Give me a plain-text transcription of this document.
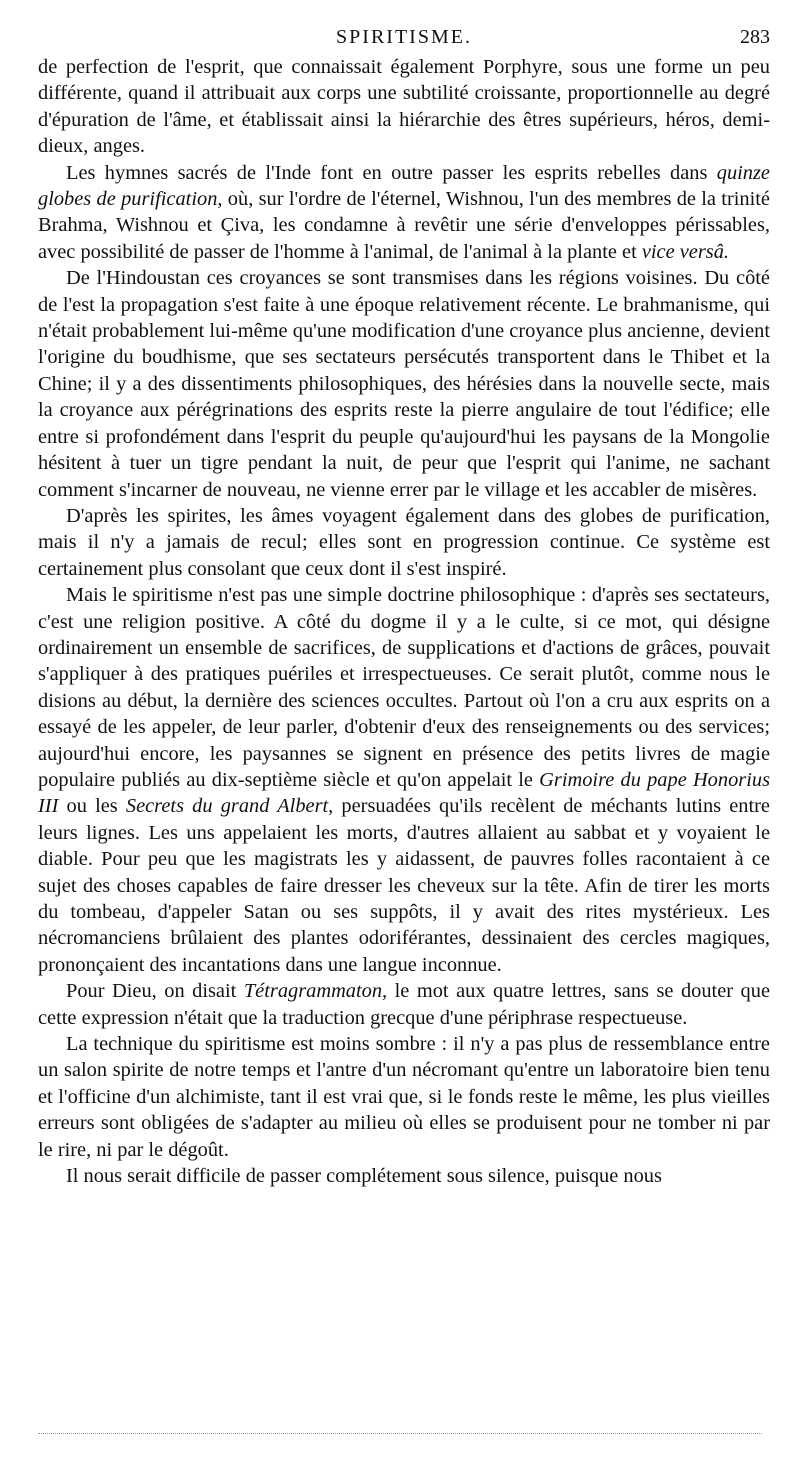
SPIRITISME.	283

de perfection de l'esprit, que connaissait également Porphyre, sous une forme un peu différente, quand il attribuait aux corps une subtilité croissante, proportionnelle au degré d'épuration de l'âme, et établissait ainsi la hiérarchie des êtres supérieurs, héros, demi-dieux, anges.

Les hymnes sacrés de l'Inde font en outre passer les esprits rebelles dans quinze globes de purification, où, sur l'ordre de l'éternel, Wishnou, l'un des membres de la trinité Brahma, Wishnou et Çiva, les condamne à revêtir une série d'enveloppes périssables, avec possibilité de passer de l'homme à l'animal, de l'animal à la plante et vice versâ.

De l'Hindoustan ces croyances se sont transmises dans les régions voisines. Du côté de l'est la propagation s'est faite à une époque relativement récente. Le brahmanisme, qui n'était probablement lui-même qu'une modification d'une croyance plus ancienne, devient l'origine du boudhisme, que ses sectateurs persécutés transportent dans le Thibet et la Chine; il y a des dissentiments philosophiques, des hérésies dans la nouvelle secte, mais la croyance aux pérégrinations des esprits reste la pierre angulaire de tout l'édifice; elle entre si profondément dans l'esprit du peuple qu'aujourd'hui les paysans de la Mongolie hésitent à tuer un tigre pendant la nuit, de peur que l'esprit qui l'anime, ne sachant comment s'incarner de nouveau, ne vienne errer par le village et les accabler de misères.

D'après les spirites, les âmes voyagent également dans des globes de purification, mais il n'y a jamais de recul; elles sont en progression continue. Ce système est certainement plus consolant que ceux dont il s'est inspiré.

Mais le spiritisme n'est pas une simple doctrine philosophique : d'après ses sectateurs, c'est une religion positive. A côté du dogme il y a le culte, si ce mot, qui désigne ordinairement un ensemble de sacrifices, de supplications et d'actions de grâces, pouvait s'appliquer à des pratiques puériles et irrespectueuses. Ce serait plutôt, comme nous le disions au début, la dernière des sciences occultes. Partout où l'on a cru aux esprits on a essayé de les appeler, de leur parler, d'obtenir d'eux des renseignements ou des services; aujourd'hui encore, les paysannes se signent en présence des petits livres de magie populaire publiés au dix-septième siècle et qu'on appelait le Grimoire du pape Honorius III ou les Secrets du grand Albert, persuadées qu'ils recèlent de méchants lutins entre leurs lignes. Les uns appelaient les morts, d'autres allaient au sabbat et y voyaient le diable. Pour peu que les magistrats les y aidassent, de pauvres folles racontaient à ce sujet des choses capables de faire dresser les cheveux sur la tête. Afin de tirer les morts du tombeau, d'appeler Satan ou ses suppôts, il y avait des rites mystérieux. Les nécromanciens brûlaient des plantes odoriférantes, dessinaient des cercles magiques, prononçaient des incantations dans une langue inconnue.

Pour Dieu, on disait Tétragrammaton, le mot aux quatre lettres, sans se douter que cette expression n'était que la traduction grecque d'une périphrase respectueuse.

La technique du spiritisme est moins sombre : il n'y a pas plus de ressemblance entre un salon spirite de notre temps et l'antre d'un nécromant qu'entre un laboratoire bien tenu et l'officine d'un alchimiste, tant il est vrai que, si le fonds reste le même, les plus vieilles erreurs sont obligées de s'adapter au milieu où elles se produisent pour ne tomber ni par le rire, ni par le dégoût.

Il nous serait difficile de passer complétement sous silence, puisque nous
